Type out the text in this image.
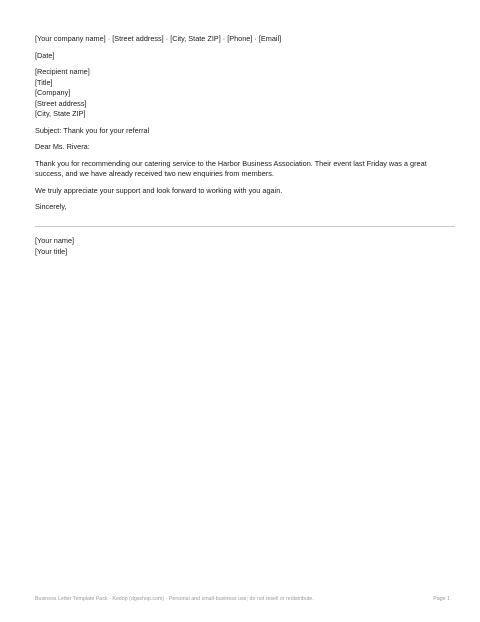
[Your company name] · [Street address] · [City, State ZIP] · [Phone] · [Email]
[Date]
[Recipient name]
[Title]
[Company]
[Street address]
[City, State ZIP]
Subject: Thank you for your referral
Dear Ms. Rivera:
Thank you for recommending our catering service to the Harbor Business Association. Their event last Friday was a great success, and we have already received two new enquiries from members.
We truly appreciate your support and look forward to working with you again.
Sincerely,
[Your name]
[Your title]
Business Letter Template Pack · Kedop (dgsshop.com) · Personal and small-business use; do not resell or redistribute.	Page 1
